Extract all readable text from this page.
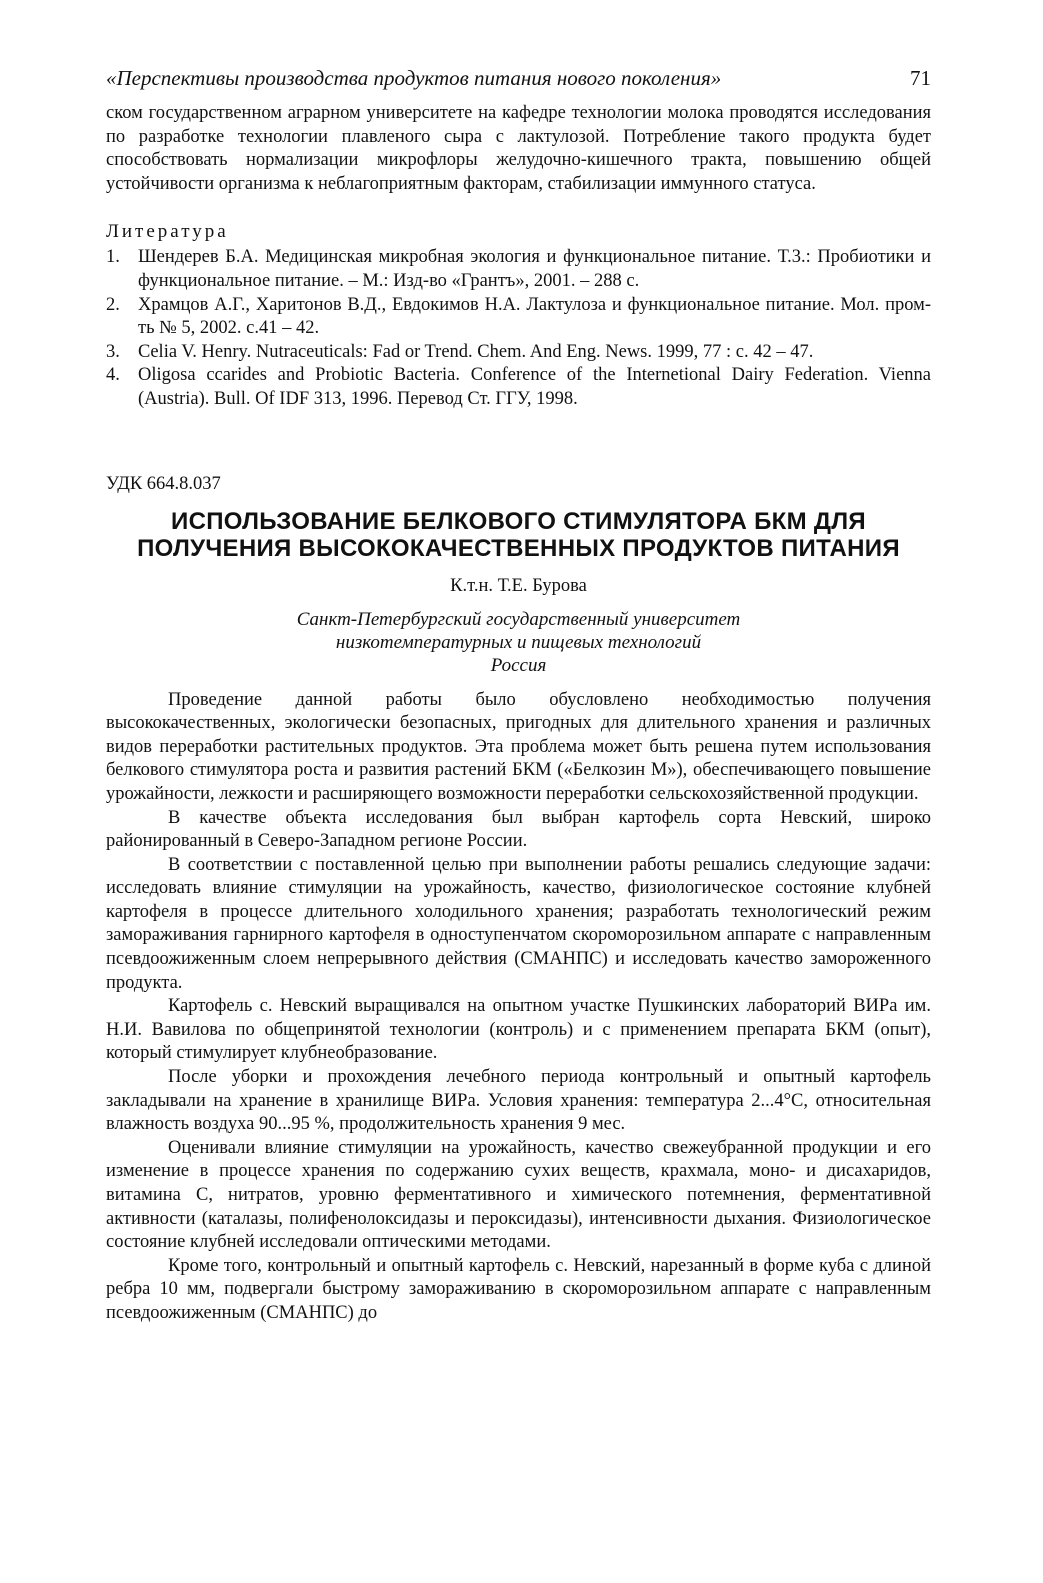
«Перспективы производства продуктов питания нового поколения»	71

ском государственном аграрном университете на кафедре технологии молока проводятся исследования по разработке технологии плавленого сыра с лактулозой. Потребление такого продукта будет способствовать нормализации микрофлоры желудочно-кишечного тракта, повышению общей устойчивости организма к неблагоприятным факторам, стабилизации иммунного статуса.

Литература
1. Шендерев Б.А. Медицинская микробная экология и функциональное питание. Т.3.: Пробиотики и функциональное питание. – М.: Изд-во «Грантъ», 2001. – 288 с.
2. Храмцов А.Г., Харитонов В.Д., Евдокимов Н.А. Лактулоза и функциональное питание. Мол. пром-ть № 5, 2002. с.41 – 42.
3. Celia V. Henry. Nutraceuticals: Fad or Trend. Chem. And Eng. News. 1999, 77 : c. 42 – 47.
4. Oligosa ccarides and Probiotic Bacteria. Conference of the Internetional Dairy Federation. Vienna (Austria). Bull. Of IDF 313, 1996. Перевод Ст. ГГУ, 1998.
УДК 664.8.037
ИСПОЛЬЗОВАНИЕ БЕЛКОВОГО СТИМУЛЯТОРА БКМ ДЛЯ ПОЛУЧЕНИЯ ВЫСОКОКАЧЕСТВЕННЫХ ПРОДУКТОВ ПИТАНИЯ
К.т.н. Т.Е. Бурова
Санкт-Петербургский государственный университет
низкотемпературных и пищевых технологий
Россия

Проведение данной работы было обусловлено необходимостью получения высококачественных, экологически безопасных, пригодных для длительного хранения и различных видов переработки растительных продуктов. Эта проблема может быть решена путем использования белкового стимулятора роста и развития растений БКМ («Белкозин М»), обеспечивающего повышение урожайности, лежкости и расширяющего возможности переработки сельскохозяйственной продукции.

В качестве объекта исследования был выбран картофель сорта Невский, широко районированный в Северо-Западном регионе России.

В соответствии с поставленной целью при выполнении работы решались следующие задачи: исследовать влияние стимуляции на урожайность, качество, физиологическое состояние клубней картофеля в процессе длительного холодильного хранения; разработать технологический режим замораживания гарнирного картофеля в одноступенчатом скороморозильном аппарате с направленным псевдоожиженным слоем непрерывного действия (СМАНПС) и исследовать качество замороженного продукта.

Картофель с. Невский выращивался на опытном участке Пушкинских лабораторий ВИРа им. Н.И. Вавилова по общепринятой технологии (контроль) и с применением препарата БКМ (опыт), который стимулирует клубнеобразование.

После уборки и прохождения лечебного периода контрольный и опытный картофель закладывали на хранение в хранилище ВИРа. Условия хранения: температура 2...4°С, относительная влажность воздуха 90...95 %, продолжительность хранения 9 мес.

Оценивали влияние стимуляции на урожайность, качество свежеубранной продукции и его изменение в процессе хранения по содержанию сухих веществ, крахмала, моно- и дисахаридов, витамина С, нитратов, уровню ферментативного и химического потемнения, ферментативной активности (каталазы, полифенолоксидазы и пероксидазы), интенсивности дыхания. Физиологическое состояние клубней исследовали оптическими методами.

Кроме того, контрольный и опытный картофель с. Невский, нарезанный в форме куба с длиной ребра 10 мм, подвергали быстрому замораживанию в скороморозильном аппарате с направленным псевдоожиженным (СМАНПС) до
